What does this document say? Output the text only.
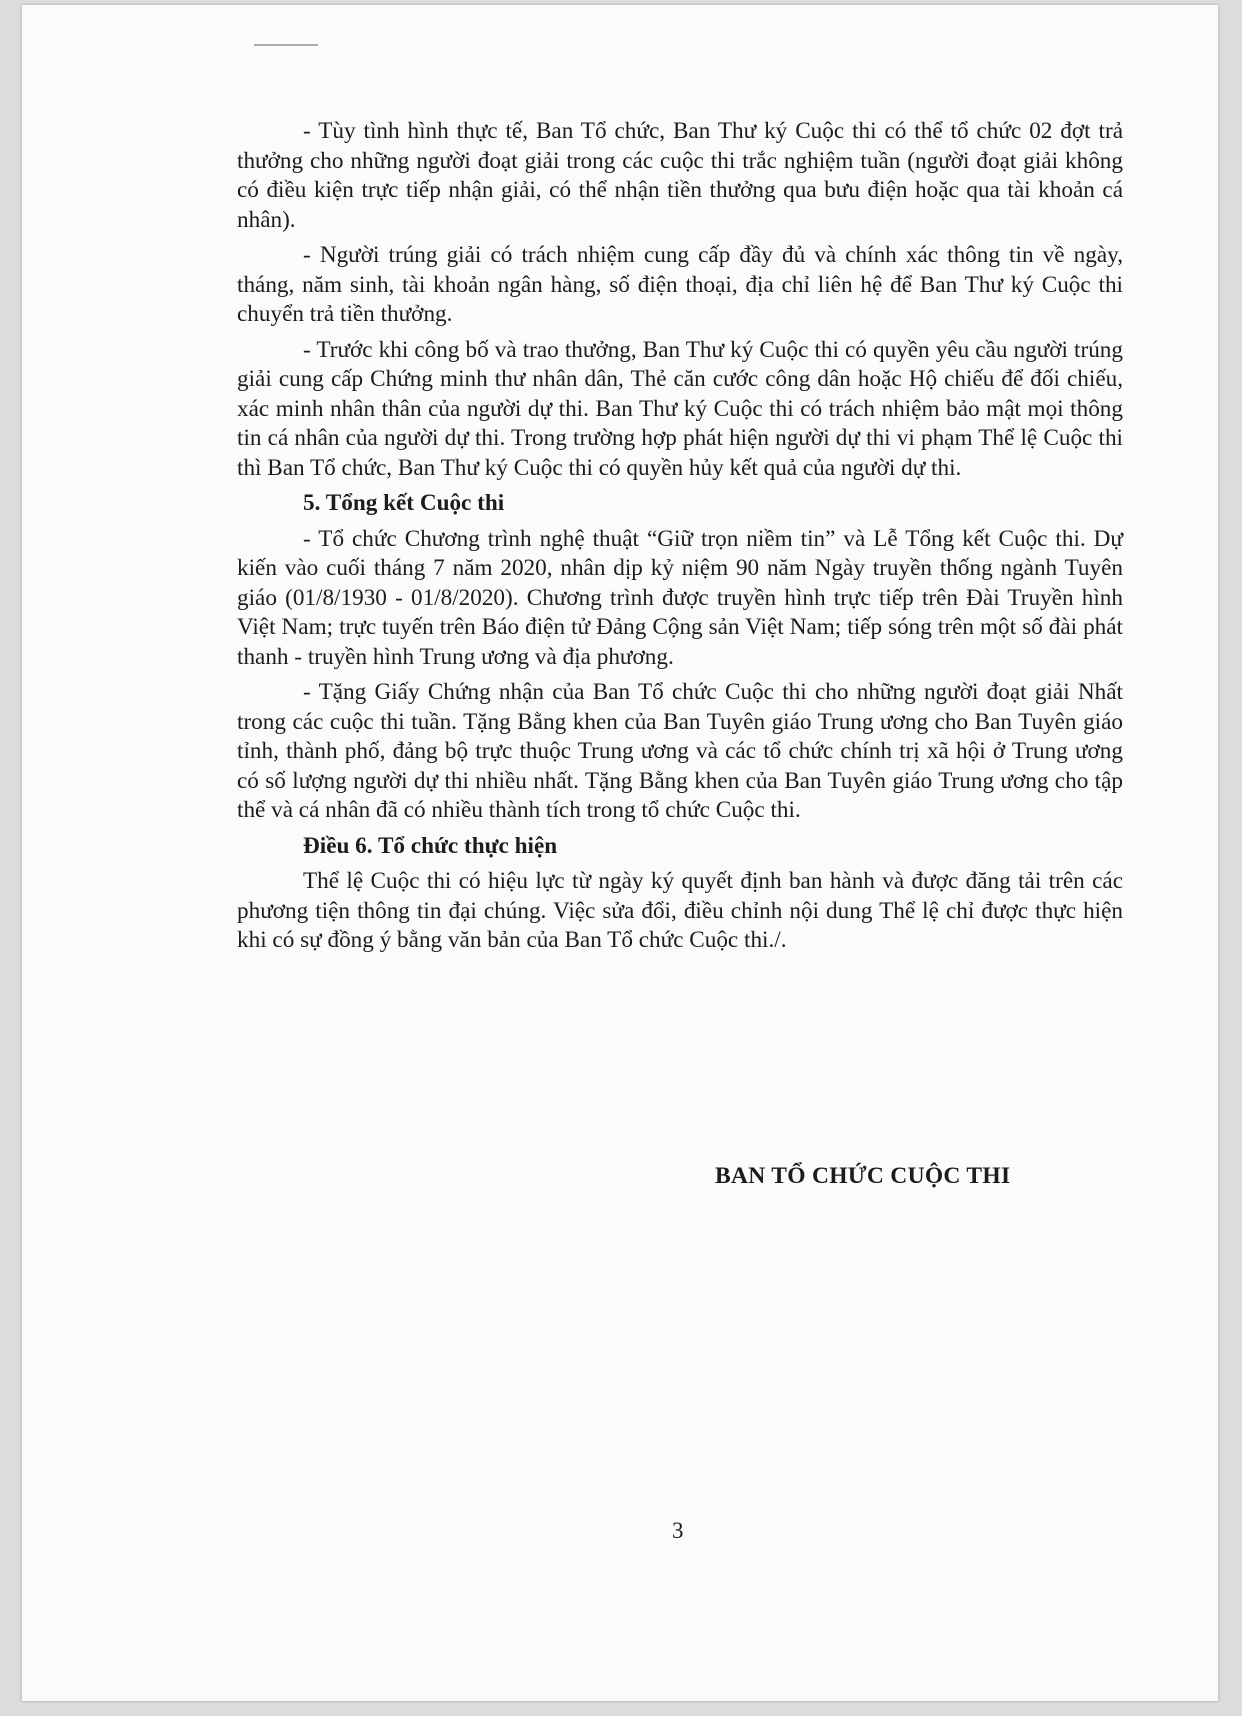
- Tùy tình hình thực tế, Ban Tổ chức, Ban Thư ký Cuộc thi có thể tổ chức 02 đợt trả thưởng cho những người đoạt giải trong các cuộc thi trắc nghiệm tuần (người đoạt giải không có điều kiện trực tiếp nhận giải, có thể nhận tiền thưởng qua bưu điện hoặc qua tài khoản cá nhân).

- Người trúng giải có trách nhiệm cung cấp đầy đủ và chính xác thông tin về ngày, tháng, năm sinh, tài khoản ngân hàng, số điện thoại, địa chỉ liên hệ để Ban Thư ký Cuộc thi chuyển trả tiền thưởng.

- Trước khi công bố và trao thưởng, Ban Thư ký Cuộc thi có quyền yêu cầu người trúng giải cung cấp Chứng minh thư nhân dân, Thẻ căn cước công dân hoặc Hộ chiếu để đối chiếu, xác minh nhân thân của người dự thi. Ban Thư ký Cuộc thi có trách nhiệm bảo mật mọi thông tin cá nhân của người dự thi. Trong trường hợp phát hiện người dự thi vi phạm Thể lệ Cuộc thi thì Ban Tổ chức, Ban Thư ký Cuộc thi có quyền hủy kết quả của người dự thi.

5. Tổng kết Cuộc thi

- Tổ chức Chương trình nghệ thuật “Giữ trọn niềm tin” và Lễ Tổng kết Cuộc thi. Dự kiến vào cuối tháng 7 năm 2020, nhân dịp kỷ niệm 90 năm Ngày truyền thống ngành Tuyên giáo (01/8/1930 - 01/8/2020). Chương trình được truyền hình trực tiếp trên Đài Truyền hình Việt Nam; trực tuyến trên Báo điện tử Đảng Cộng sản Việt Nam; tiếp sóng trên một số đài phát thanh - truyền hình Trung ương và địa phương.

- Tặng Giấy Chứng nhận của Ban Tổ chức Cuộc thi cho những người đoạt giải Nhất trong các cuộc thi tuần. Tặng Bằng khen của Ban Tuyên giáo Trung ương cho Ban Tuyên giáo tỉnh, thành phố, đảng bộ trực thuộc Trung ương và các tổ chức chính trị xã hội ở Trung ương có số lượng người dự thi nhiều nhất. Tặng Bằng khen của Ban Tuyên giáo Trung ương cho tập thể và cá nhân đã có nhiều thành tích trong tổ chức Cuộc thi.

Điều 6. Tổ chức thực hiện

Thể lệ Cuộc thi có hiệu lực từ ngày ký quyết định ban hành và được đăng tải trên các phương tiện thông tin đại chúng. Việc sửa đổi, điều chỉnh nội dung Thể lệ chỉ được thực hiện khi có sự đồng ý bằng văn bản của Ban Tổ chức Cuộc thi./.

BAN TỔ CHỨC CUỘC THI
3
